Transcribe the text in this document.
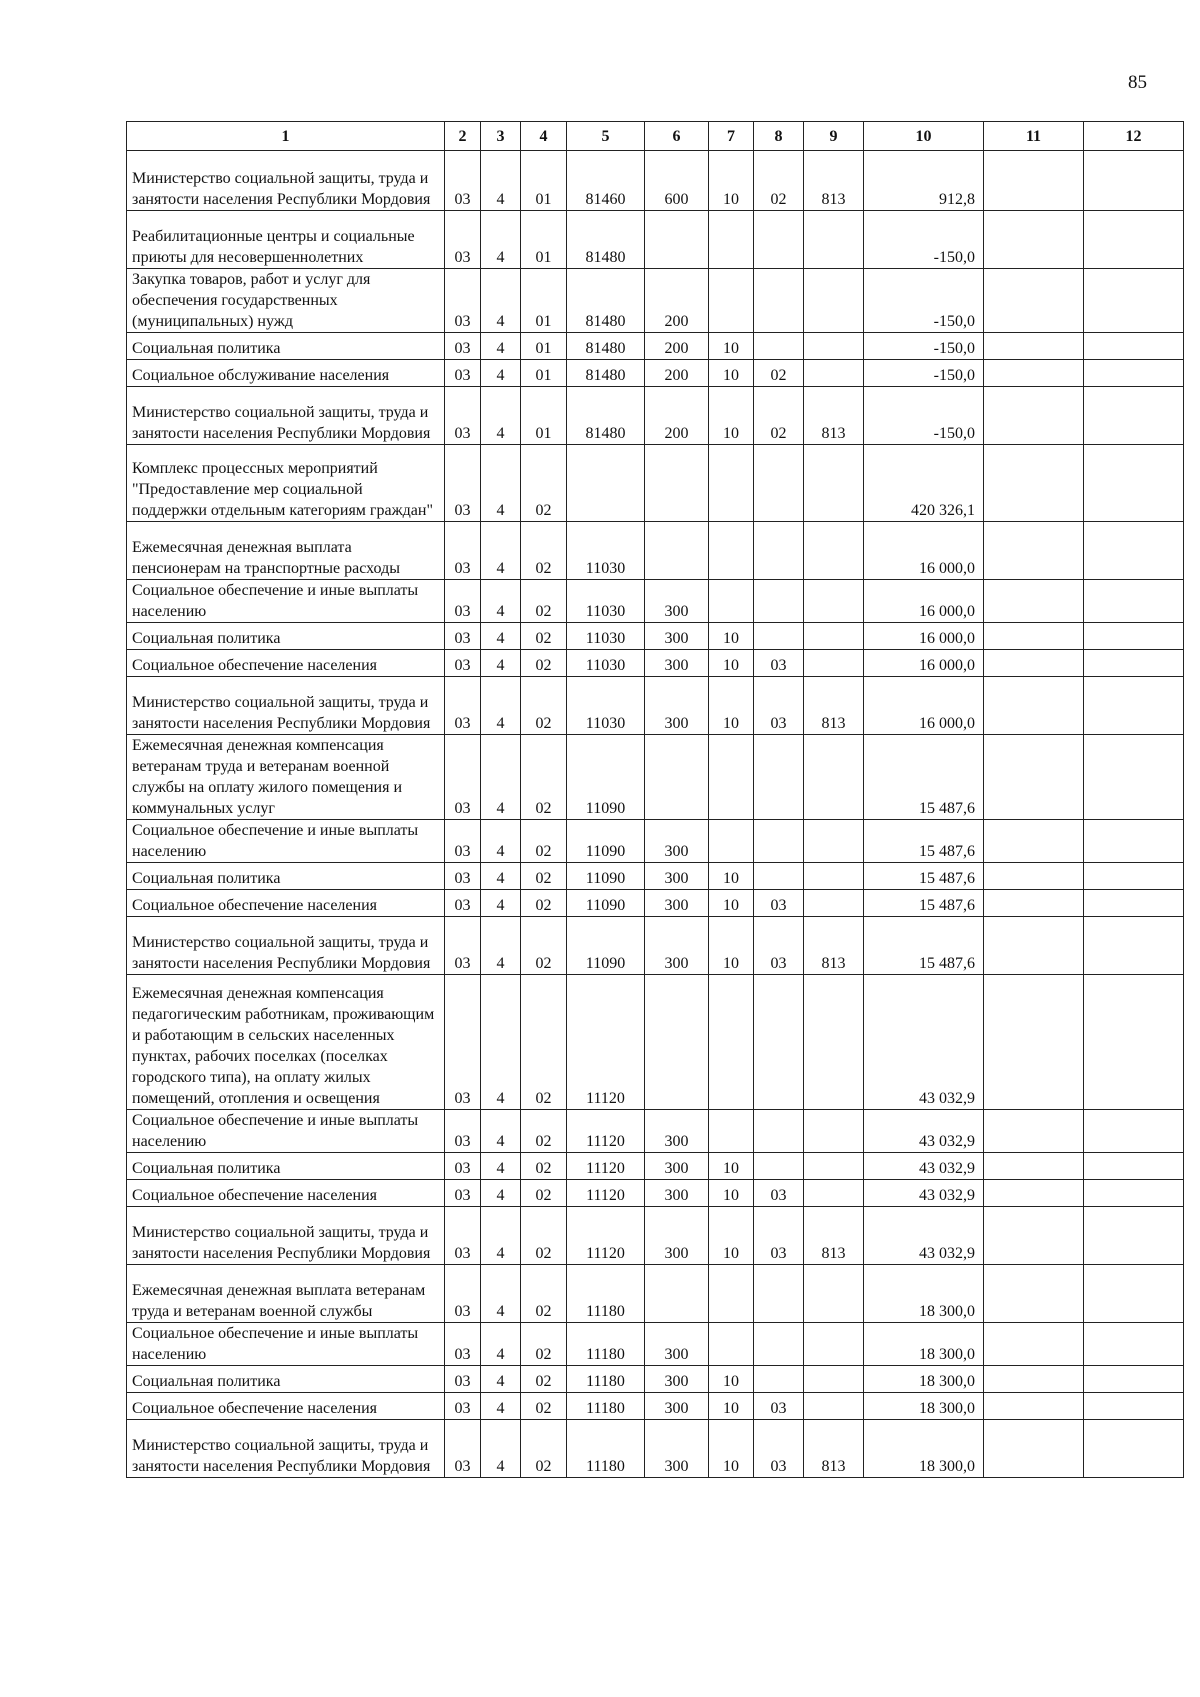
85
1	2	3	4	5	6	7	8	9	10	11	12
Министерство социальной защиты, труда и занятости населения Республики Мордовия	03	4	01	81460	600	10	02	813	912,8		
Реабилитационные центры и социальные приюты для несовершеннолетних	03	4	01	81480					-150,0		
Закупка товаров, работ и услуг для обеспечения государственных (муниципальных) нужд	03	4	01	81480	200				-150,0		
Социальная политика	03	4	01	81480	200	10			-150,0		
Социальное обслуживание населения	03	4	01	81480	200	10	02		-150,0		
Министерство социальной защиты, труда и занятости населения Республики Мордовия	03	4	01	81480	200	10	02	813	-150,0		
Комплекс процессных мероприятий "Предоставление мер социальной поддержки отдельным категориям граждан"	03	4	02						420 326,1		
Ежемесячная денежная выплата пенсионерам на транспортные расходы	03	4	02	11030					16 000,0		
Социальное обеспечение и иные выплаты населению	03	4	02	11030	300				16 000,0		
Социальная политика	03	4	02	11030	300	10			16 000,0		
Социальное обеспечение населения	03	4	02	11030	300	10	03		16 000,0		
Министерство социальной защиты, труда и занятости населения Республики Мордовия	03	4	02	11030	300	10	03	813	16 000,0		
Ежемесячная денежная компенсация ветеранам труда и ветеранам военной службы на оплату жилого помещения и коммунальных услуг	03	4	02	11090					15 487,6		
Социальное обеспечение и иные выплаты населению	03	4	02	11090	300				15 487,6		
Социальная политика	03	4	02	11090	300	10			15 487,6		
Социальное обеспечение населения	03	4	02	11090	300	10	03		15 487,6		
Министерство социальной защиты, труда и занятости населения Республики Мордовия	03	4	02	11090	300	10	03	813	15 487,6		
Ежемесячная денежная компенсация педагогическим работникам, проживающим и работающим в сельских населенных пунктах, рабочих поселках (поселках городского типа), на оплату жилых помещений, отопления и освещения	03	4	02	11120					43 032,9		
Социальное обеспечение и иные выплаты населению	03	4	02	11120	300				43 032,9		
Социальная политика	03	4	02	11120	300	10			43 032,9		
Социальное обеспечение населения	03	4	02	11120	300	10	03		43 032,9		
Министерство социальной защиты, труда и занятости населения Республики Мордовия	03	4	02	11120	300	10	03	813	43 032,9		
Ежемесячная денежная выплата ветеранам труда и ветеранам военной службы	03	4	02	11180					18 300,0		
Социальное обеспечение и иные выплаты населению	03	4	02	11180	300				18 300,0		
Социальная политика	03	4	02	11180	300	10			18 300,0		
Социальное обеспечение населения	03	4	02	11180	300	10	03		18 300,0		
Министерство социальной защиты, труда и занятости населения Республики Мордовия	03	4	02	11180	300	10	03	813	18 300,0		
